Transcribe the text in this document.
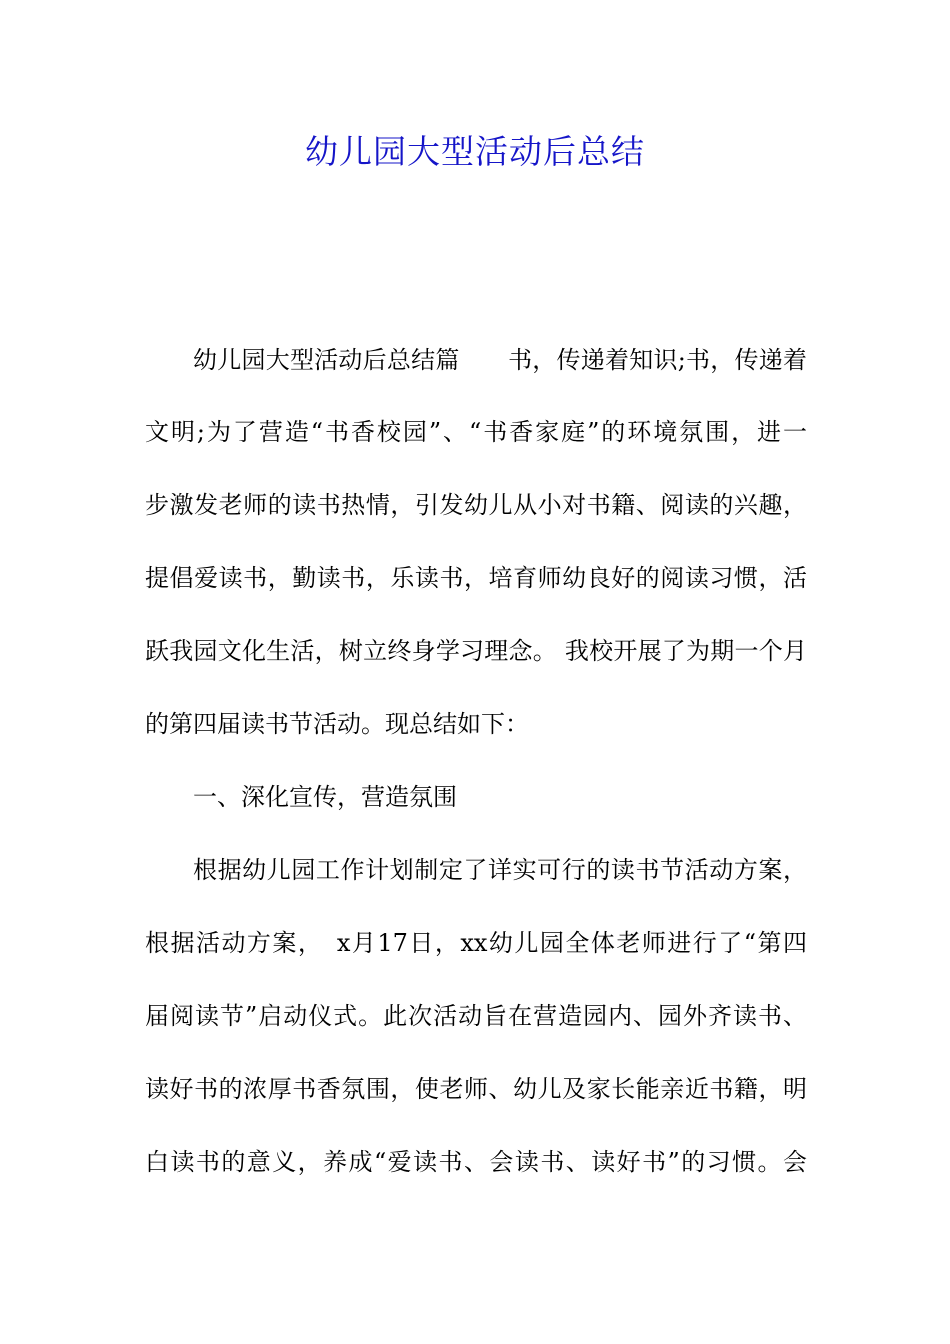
幼儿园大型活动后总结

幼儿园大型活动后总结篇　　书，传递着知识;书，传递着

文明;为了营造“书香校园”、“书香家庭”的环境氛围，进一

步激发老师的读书热情，引发幼儿从小对书籍、阅读的兴趣，

提倡爱读书，勤读书，乐读书，培育师幼良好的阅读习惯，活

跃我园文化生活，树立终身学习理念。 我校开展了为期一个月

的第四届读书节活动。现总结如下：

一、深化宣传，营造氛围

根据幼儿园工作计划制定了详实可行的读书节活动方案，

根据活动方案，　x月17日，xx幼儿园全体老师进行了“第四

届阅读节”启动仪式。此次活动旨在营造园内、园外齐读书、

读好书的浓厚书香氛围，使老师、幼儿及家长能亲近书籍，明

白读书的意义，养成“爱读书、会读书、读好书”的习惯。会
